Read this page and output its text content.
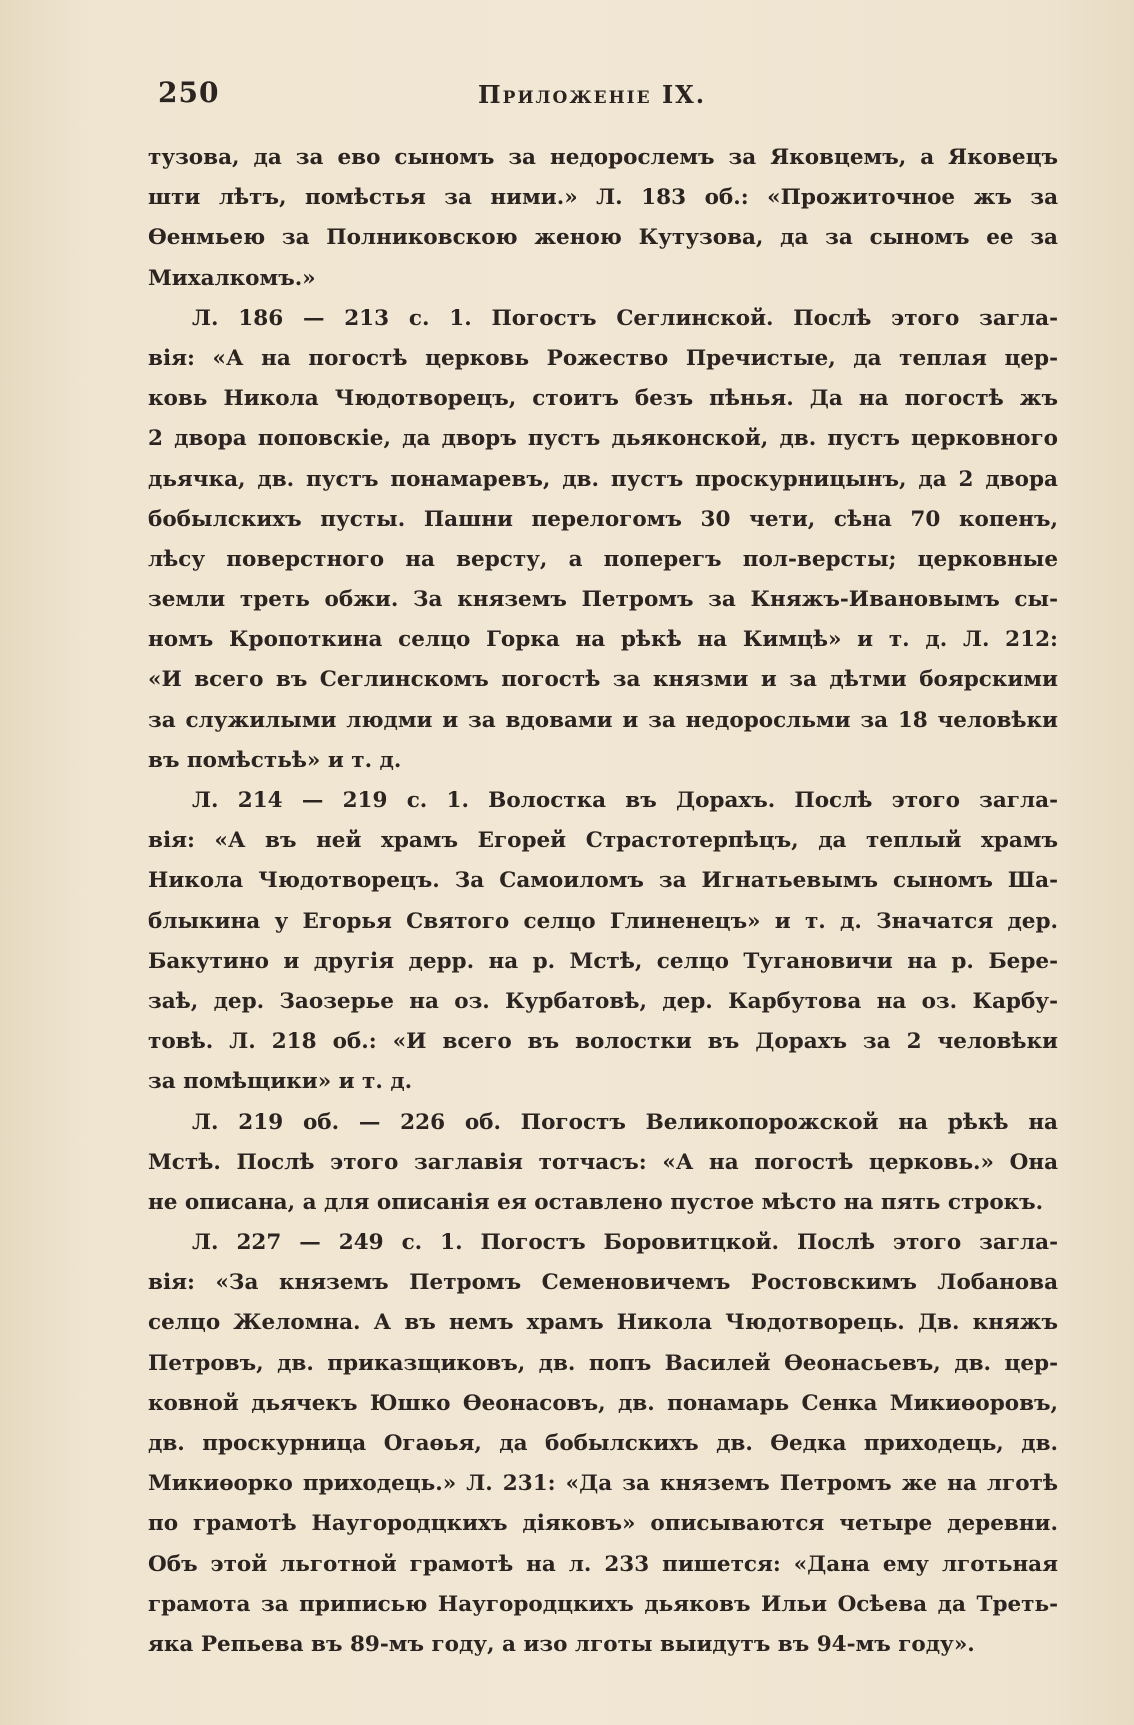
250	Приложеніе IX.
тузова, да за ево сыномъ за недорослемъ за Яковцемъ, а Яковецъ
шти лѣтъ, помѣстья за ними.» Л. 183 об.: «Прожиточное жъ за
Өенмьею за Полниковскою женою Кутузова, да за сыномъ ее за
Михалкомъ.»
Л. 186 — 213 с. 1. Погостъ Сеглинской. Послѣ этого загла-
вія: «А на погостѣ церковь Рожество Пречистые, да теплая цер-
ковь Никола Чюдотворецъ, стоитъ безъ пѣнья. Да на погостѣ жъ
2 двора поповскіе, да дворъ пустъ дьяконской, дв. пустъ церковного
дьячка, дв. пустъ понамаревъ, дв. пустъ проскурницынъ, да 2 двора
бобылскихъ пусты. Пашни перелогомъ 30 чети, сѣна 70 копенъ,
лѣсу поверстного на версту, а поперегъ пол-версты; церковные
земли треть обжи. За княземъ Петромъ за Княжъ-Ивановымъ сы-
номъ Кропоткина селцо Горка на рѣкѣ на Кимцѣ» и т. д. Л. 212:
«И всего въ Сеглинскомъ погостѣ за князми и за дѣтми боярскими
за служилыми людми и за вдовами и за недоросльми за 18 человѣки
въ помѣстьѣ» и т. д.
Л. 214 — 219 с. 1. Волостка въ Дорахъ. Послѣ этого загла-
вія: «А въ ней храмъ Егорей Страстотерпѣцъ, да теплый храмъ
Никола Чюдотворецъ. За Самоиломъ за Игнатьевымъ сыномъ Ша-
блыкина у Егорья Святого селцо Глиненецъ» и т. д. Значатся дер.
Бакутино и другія дерр. на р. Мстѣ, селцо Тугановичи на р. Бере-
заѣ, дер. Заозерье на оз. Курбатовѣ, дер. Карбутова на оз. Карбу-
товѣ. Л. 218 об.: «И всего въ волостки въ Дорахъ за 2 человѣки
за помѣщики» и т. д.
Л. 219 об. — 226 об. Погостъ Великопорожской на рѣкѣ на
Мстѣ. Послѣ этого заглавія тотчасъ: «А на погостѣ церковь.» Она
не описана, а для описанія ея оставлено пустое мѣсто на пять строкъ.
Л. 227 — 249 с. 1. Погостъ Боровитцкой. Послѣ этого загла-
вія: «За княземъ Петромъ Семеновичемъ Ростовскимъ Лобанова
селцо Желомна. А въ немъ храмъ Никола Чюдотворець. Дв. княжъ
Петровъ, дв. приказщиковъ, дв. попъ Василей Өеонасьевъ, дв. цер-
ковной дьячекъ Юшко Өеонасовъ, дв. понамарь Сенка Микиөоровъ,
дв. проскурница Огаөья, да бобылскихъ дв. Өедка приходець, дв.
Микиөорко приходець.» Л. 231: «Да за княземъ Петромъ же на лготѣ
по грамотѣ Наугородцкихъ діяковъ» описываются четыре деревни.
Объ этой льготной грамотѣ на л. 233 пишется: «Дана ему лготьная
грамота за приписью Наугородцкихъ дьяковъ Ильи Осѣева да Треть-
яка Репьева въ 89-мъ году, а изо лготы выидутъ въ 94-мъ году».
